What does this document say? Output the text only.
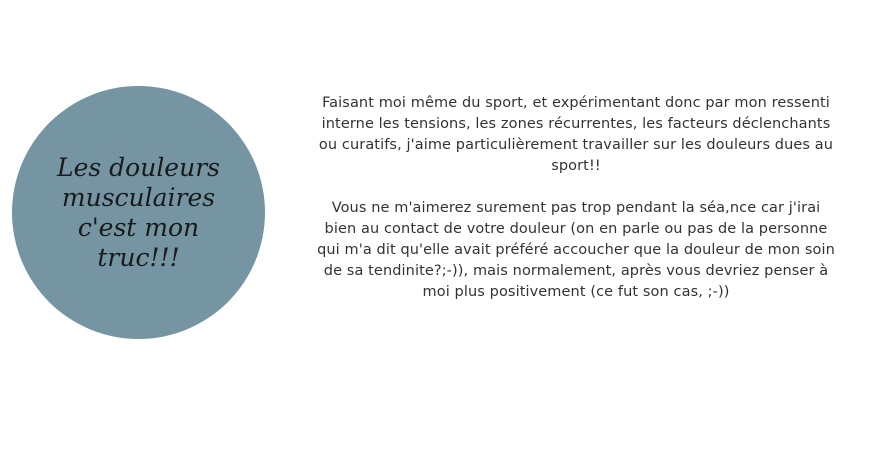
Les douleurs musculaires c'est mon truc!!!

Faisant moi même du sport, et expérimentant donc par mon ressenti interne les tensions, les zones récurrentes, les facteurs déclenchants ou curatifs, j'aime particulièrement travailler sur les douleurs dues au sport!!

Vous ne m'aimerez surement pas trop pendant la séa,nce car j'irai bien au contact de votre douleur (on en parle ou pas de la personne qui m'a dit qu'elle avait préféré accoucher que la douleur de mon soin de sa tendinite?;-)), mais normalement, après vous devriez penser à moi plus positivement (ce fut son cas, ;-))
